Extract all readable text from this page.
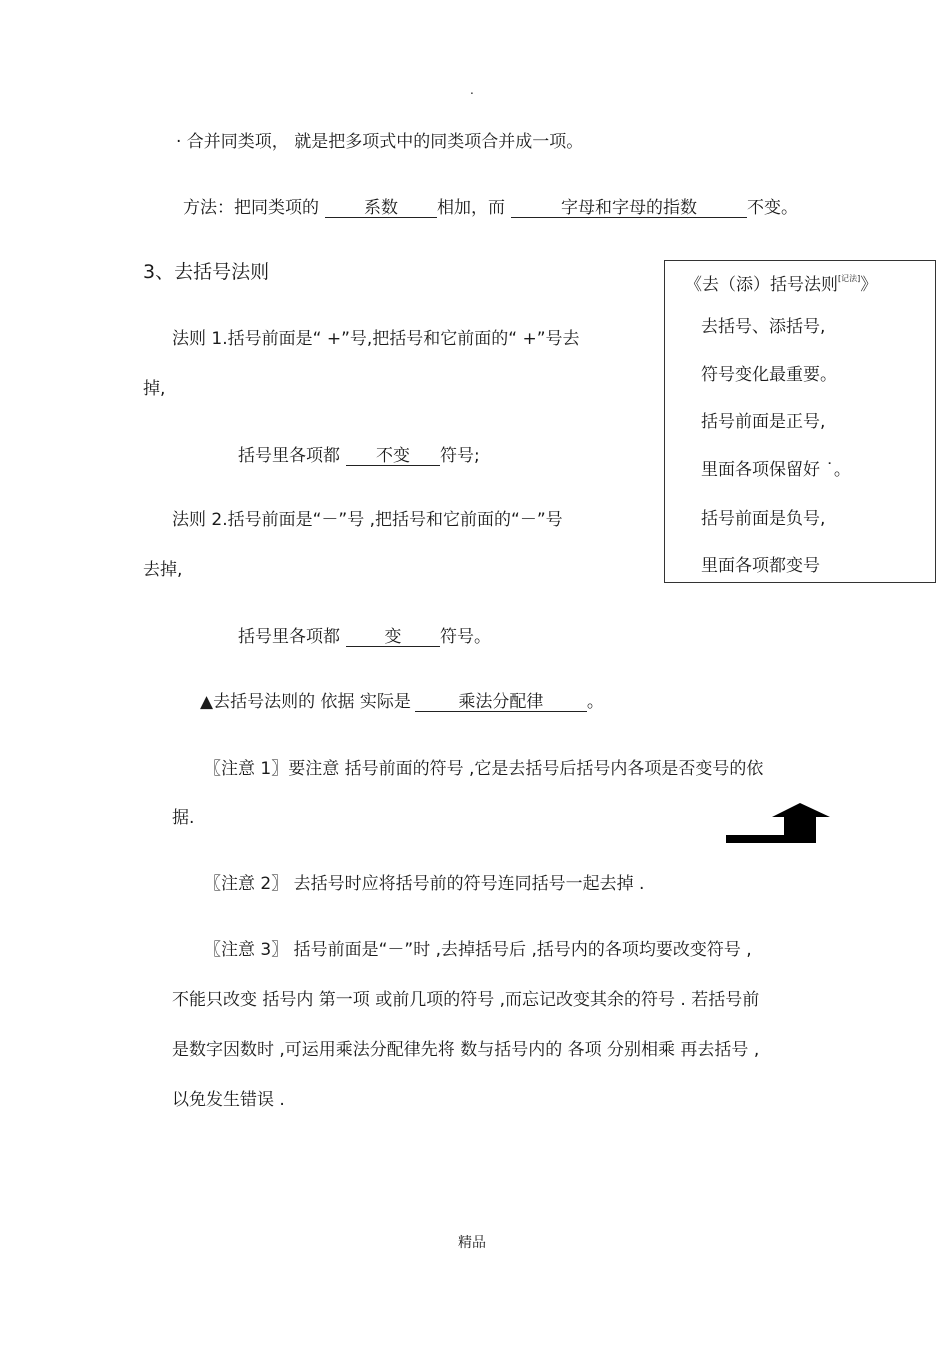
.
· 合并同类项， 就是把多项式中的同类项合并成一项。
方法：把同类项的	系数 相加，而	字母和字母的指数	不变。
3、去括号法则
法则 1.括号前面是“ +”号,把括号和它前面的“ +”号去
掉,
括号里各项都 不变 符号;
法则 2.括号前面是“－”号 ,把括号和它前面的“－”号
去掉,
括号里各项都	变 符号。
▲去括号法则的 依据 实际是	乘法分配律	。
〖注意 1〗要注意 括号前面的符号 ,它是去括号后括号内各项是否变号的依
据.
〖注意 2〗 去括号时应将括号前的符号连同括号一起去掉 .
〖注意 3〗 括号前面是“－”时 ,去掉括号后 ,括号内的各项均要改变符号 ,
不能只改变 括号内 第一项 或前几项的符号 ,而忘记改变其余的符号 . 若括号前
是数字因数时 ,可运用乘法分配律先将 数与括号内的 各项 分别相乘 再去括号 ,
以免发生错误 .
《去（添）括号法则[记法]》
去括号、添括号,
符号变化最重要。
括号前面是正号,
里面各项保留好 ˙。
括号前面是负号,
里面各项都变号
精品
